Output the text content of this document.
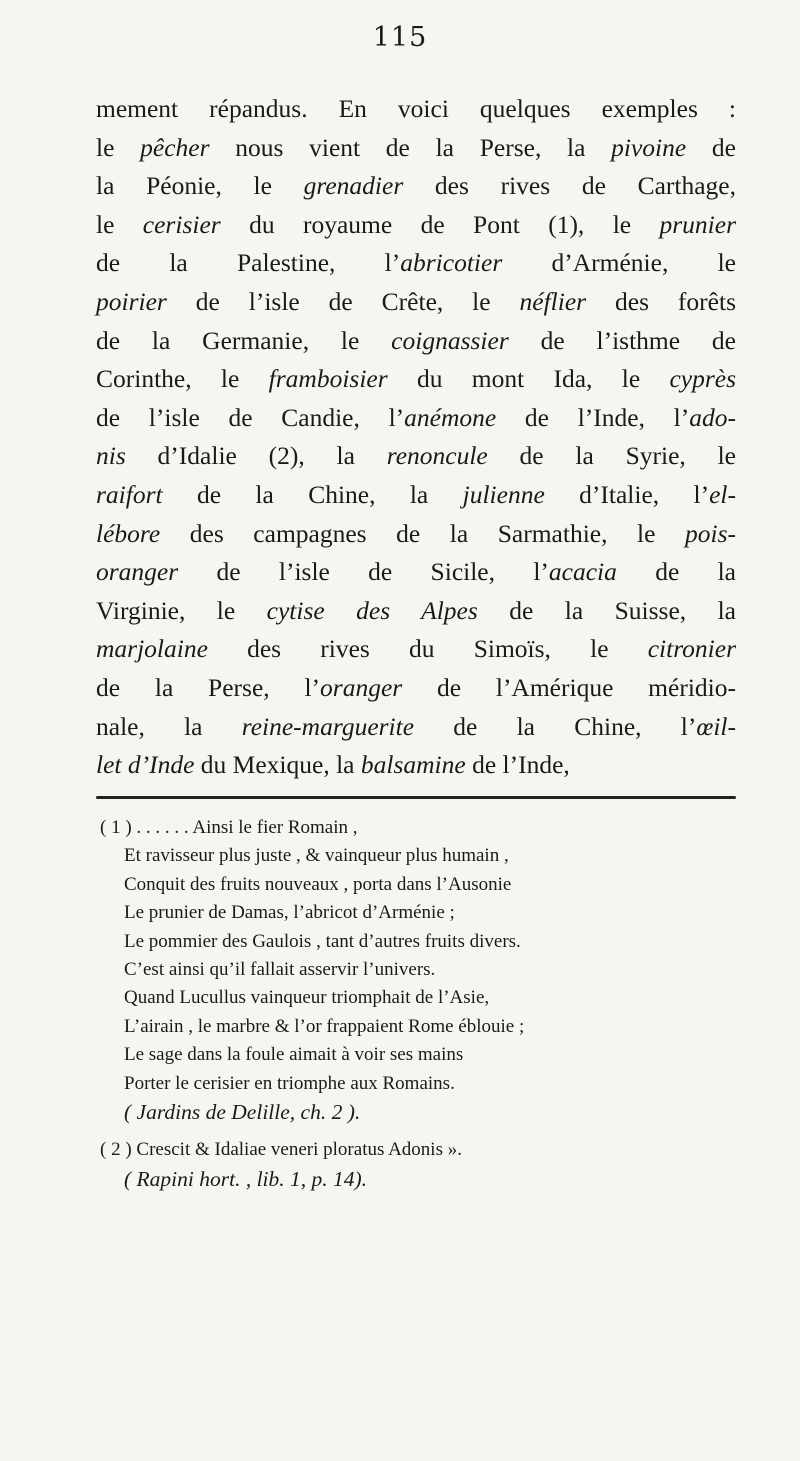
115
mement répandus. En voici quelques exemples :
le pêcher nous vient de la Perse, la pivoine de
la Péonie, le grenadier des rives de Carthage,
le cerisier du royaume de Pont (1), le prunier
de la Palestine, l’abricotier d’Arménie, le
poirier de l’isle de Crête, le néflier des forêts
de la Germanie, le coignassier de l’isthme de
Corinthe, le framboisier du mont Ida, le cyprès
de l’isle de Candie, l’anémone de l’Inde, l’ado-
nis d’Idalie (2), la renoncule de la Syrie, le
raifort de la Chine, la julienne d’Italie, l’el-
lébore des campagnes de la Sarmathie, le pois-
oranger de l’isle de Sicile, l’acacia de la
Virginie, le cytise des Alpes de la Suisse, la
marjolaine des rives du Simoïs, le citronier
de la Perse, l’oranger de l’Amérique méridio-
nale, la reine-marguerite de la Chine, l’œil-
let d’Inde du Mexique, la balsamine de l’Inde,
( 1 ) . . . . . . Ainsi le fier Romain ,
Et ravisseur plus juste , & vainqueur plus humain ,
Conquit des fruits nouveaux , porta dans l’Ausonie
Le prunier de Damas, l’abricot d’Arménie ;
Le pommier des Gaulois , tant d’autres fruits divers.
C’est ainsi qu’il fallait asservir l’univers.
Quand Lucullus vainqueur triomphait de l’Asie,
L’airain , le marbre & l’or frappaient Rome éblouie ;
Le sage dans la foule aimait à voir ses mains
Porter le cerisier en triomphe aux Romains.
( Jardins de Delille, ch. 2 ).
( 2 ) Crescit & Idaliae veneri ploratus Adonis ».
( Rapini hort. , lib. 1, p. 14).
